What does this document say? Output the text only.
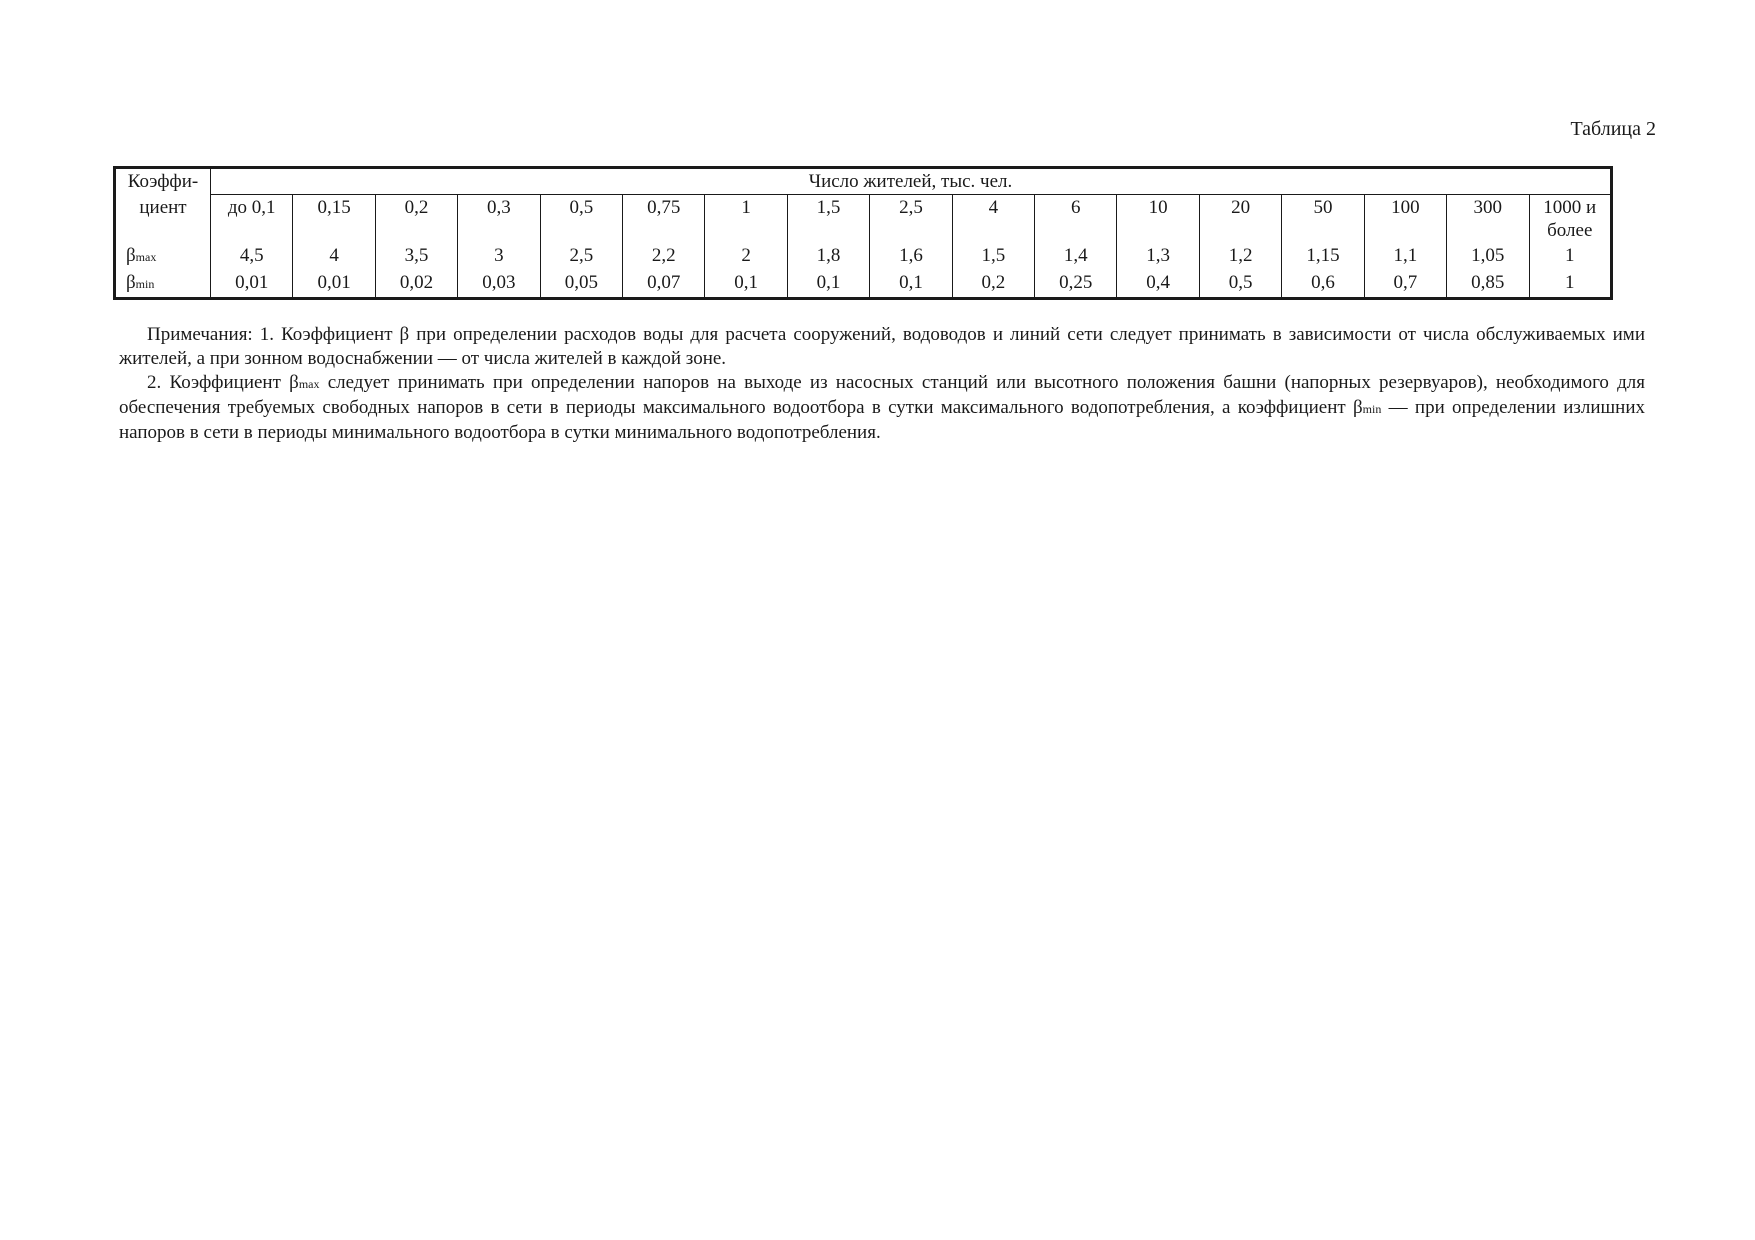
Таблица 2
Коэффи-	Число жителей, тыс. чел.																
циент	до 0,1	0,15	0,2	0,3	0,5	0,75	1	1,5	2,5	4	6	10	20	50	100	300	1000 и более
βmax	4,5	4	3,5	3	2,5	2,2	2	1,8	1,6	1,5	1,4	1,3	1,2	1,15	1,1	1,05	1
βmin	0,01	0,01	0,02	0,03	0,05	0,07	0,1	0,1	0,1	0,2	0,25	0,4	0,5	0,6	0,7	0,85	1

Примечания: 1. Коэффициент β при определении расходов воды для расчета сооружений, водоводов и линий сети следует принимать в зависимости от числа обслуживаемых ими жителей, а при зонном водоснабжении — от числа жителей в каждой зоне.

2. Коэффициент βmax следует принимать при определении напоров на выходе из насосных станций или высотного положения башни (напорных резервуаров), необходимого для обеспечения требуемых свободных напоров в сети в периоды максимального водоотбора в сутки максимального водопотребления, а коэффициент βmin — при определении излишних напоров в сети в периоды минимального водоотбора в сутки минимального водопотребления.
